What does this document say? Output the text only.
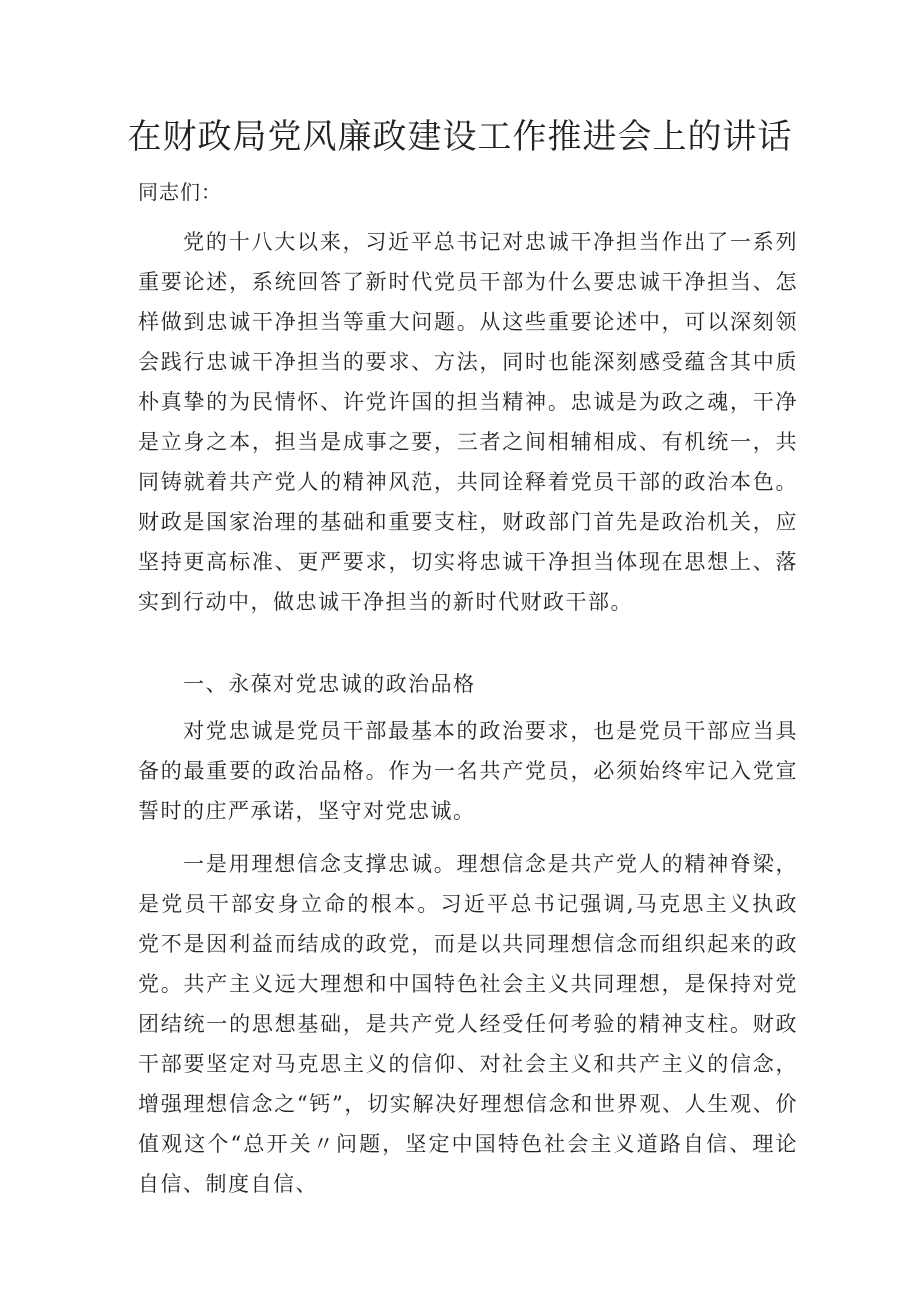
在财政局党风廉政建设工作推进会上的讲话

同志们：

党的十八大以来，习近平总书记对忠诚干净担当作出了一系列重要论述，系统回答了新时代党员干部为什么要忠诚干净担当、怎样做到忠诚干净担当等重大问题。从这些重要论述中，可以深刻领会践行忠诚干净担当的要求、方法，同时也能深刻感受蕴含其中质朴真挚的为民情怀、许党许国的担当精神。忠诚是为政之魂，干净是立身之本，担当是成事之要，三者之间相辅相成、有机统一，共同铸就着共产党人的精神风范，共同诠释着党员干部的政治本色。财政是国家治理的基础和重要支柱，财政部门首先是政治机关，应坚持更高标准、更严要求，切实将忠诚干净担当体现在思想上、落实到行动中，做忠诚干净担当的新时代财政干部。

一、永葆对党忠诚的政治品格

对党忠诚是党员干部最基本的政治要求，也是党员干部应当具备的最重要的政治品格。作为一名共产党员，必须始终牢记入党宣誓时的庄严承诺，坚守对党忠诚。

一是用理想信念支撑忠诚。理想信念是共产党人的精神脊梁，是党员干部安身立命的根本。习近平总书记强调,马克思主义执政党不是因利益而结成的政党，而是以共同理想信念而组织起来的政党。共产主义远大理想和中国特色社会主义共同理想，是保持对党团结统一的思想基础，是共产党人经受任何考验的精神支柱。财政干部要坚定对马克思主义的信仰、对社会主义和共产主义的信念，增强理想信念之“钙”，切实解决好理想信念和世界观、人生观、价值观这个“总开关〃问题，坚定中国特色社会主义道路自信、理论自信、制度自信、
